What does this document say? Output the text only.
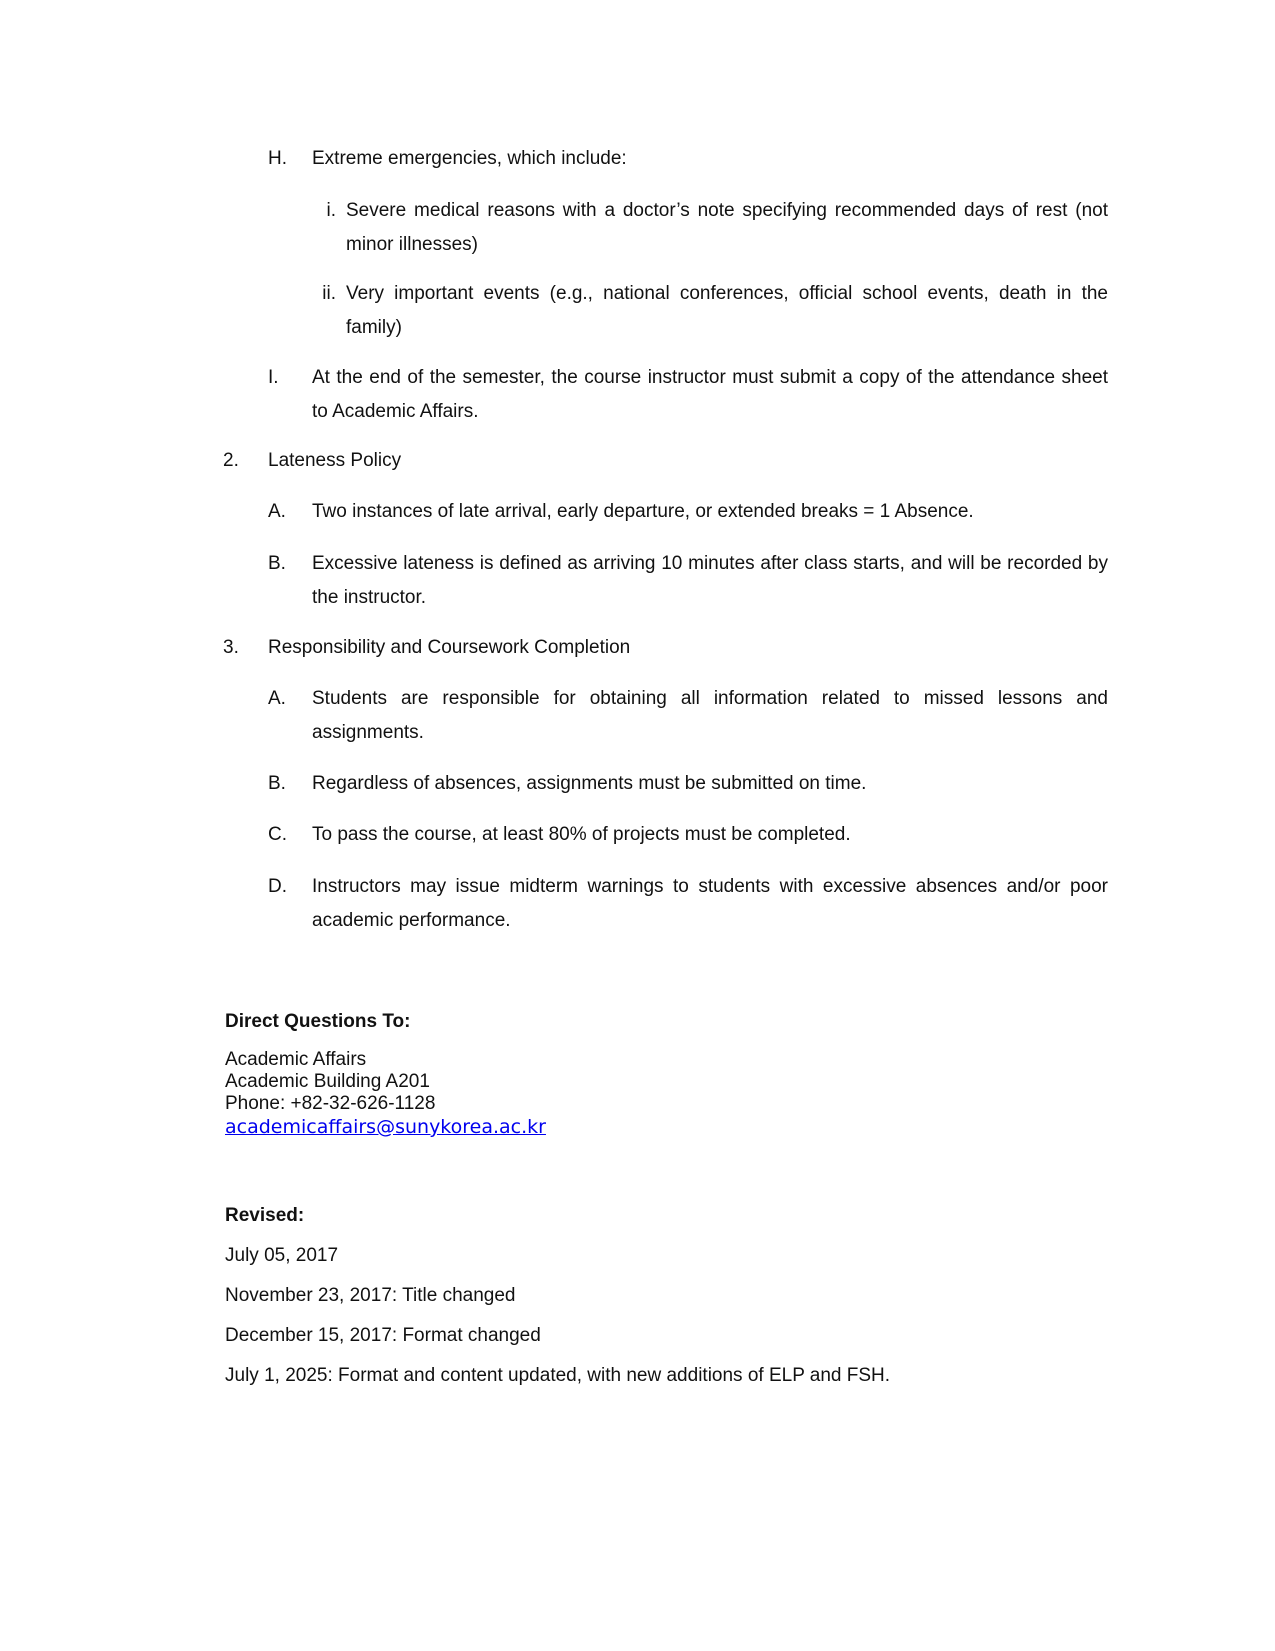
H.	Extreme emergencies, which include:
i. Severe medical reasons with a doctor’s note specifying recommended days of rest (not minor illnesses)
ii. Very important events (e.g., national conferences, official school events, death in the family)
I.	At the end of the semester, the course instructor must submit a copy of the attendance sheet to Academic Affairs.
2.	Lateness Policy
A.	Two instances of late arrival, early departure, or extended breaks = 1 Absence.
B.	Excessive lateness is defined as arriving 10 minutes after class starts, and will be recorded by the instructor.
3.	Responsibility and Coursework Completion
A.	Students are responsible for obtaining all information related to missed lessons and assignments.
B.	Regardless of absences, assignments must be submitted on time.
C.	To pass the course, at least 80% of projects must be completed.
D.	Instructors may issue midterm warnings to students with excessive absences and/or poor academic performance.
Direct Questions To:
Academic Affairs
Academic Building A201
Phone: +82-32-626-1128
academicaffairs@sunykorea.ac.kr
Revised:
July 05, 2017
November 23, 2017: Title changed
December 15, 2017: Format changed
July 1, 2025: Format and content updated, with new additions of ELP and FSH.
